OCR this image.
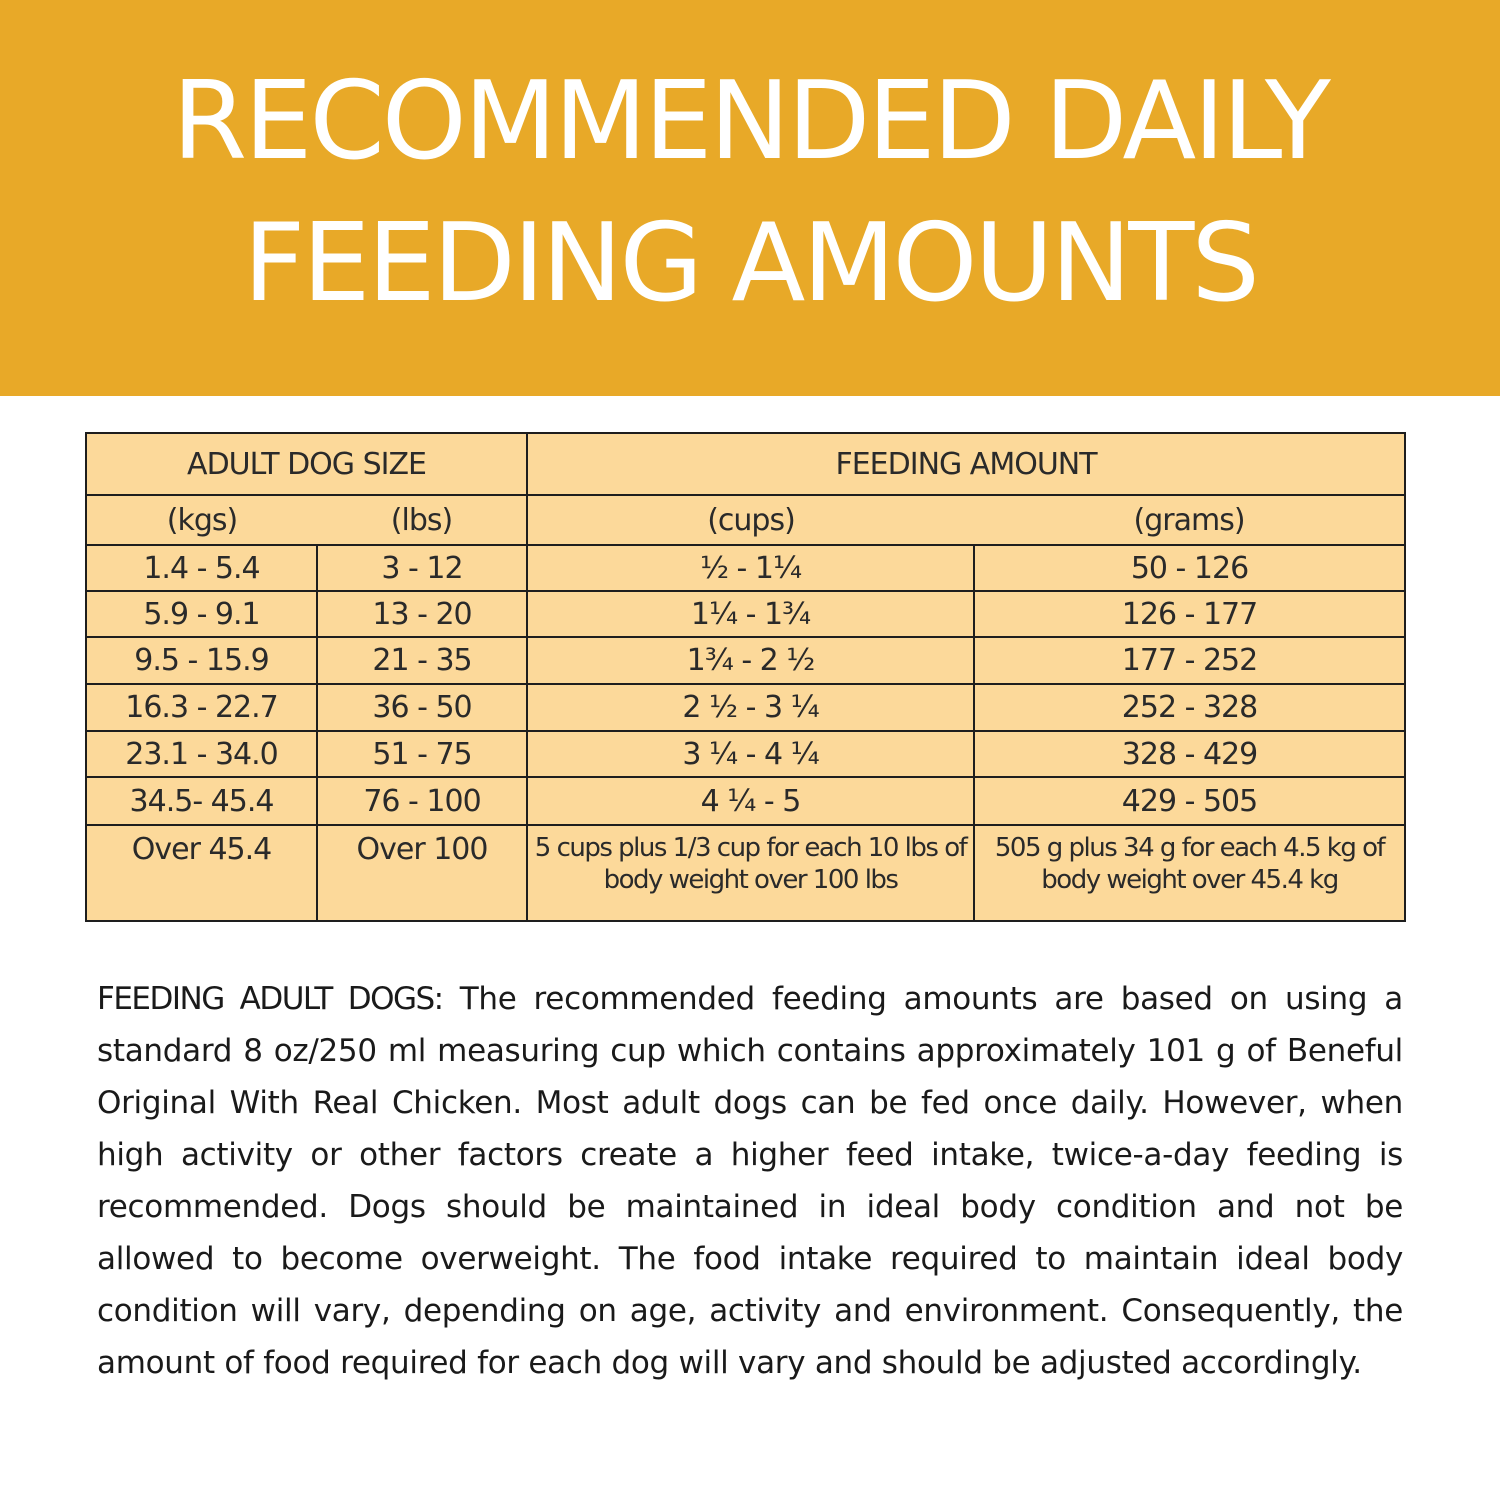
RECOMMENDED DAILY
FEEDING AMOUNTS
ADULT DOG SIZE		FEEDING AMOUNT	
(kgs)	(lbs)	(cups)	(grams)
1.4 - 5.4	3 - 12	½ - 1¼	50 - 126
5.9 - 9.1	13 - 20	1¼ - 1¾	126 - 177
9.5 - 15.9	21 - 35	1¾ - 2 ½	177 - 252
16.3 - 22.7	36 - 50	2 ½ - 3 ¼	252 - 328
23.1 - 34.0	51 - 75	3 ¼ - 4 ¼	328 - 429
34.5- 45.4	76 - 100	4 ¼ - 5	429 - 505
Over 45.4	Over 100	5 cups plus 1/3 cup for each 10 lbs of body weight over 100 lbs	505 g plus 34 g for each 4.5 kg of body weight over 45.4 kg
FEEDING ADULT DOGS: The recommended feeding amounts are based on using a standard 8 oz/250 ml measuring cup which contains approximately 101 g of Beneful Original With Real Chicken. Most adult dogs can be fed once daily. However, when high activity or other factors create a higher feed intake, twice-a-day feeding is recommended. Dogs should be maintained in ideal body condition and not be allowed to become overweight. The food intake required to maintain ideal body condition will vary, depending on age, activity and environment. Consequently, the amount of food required for each dog will vary and should be adjusted accordingly.
